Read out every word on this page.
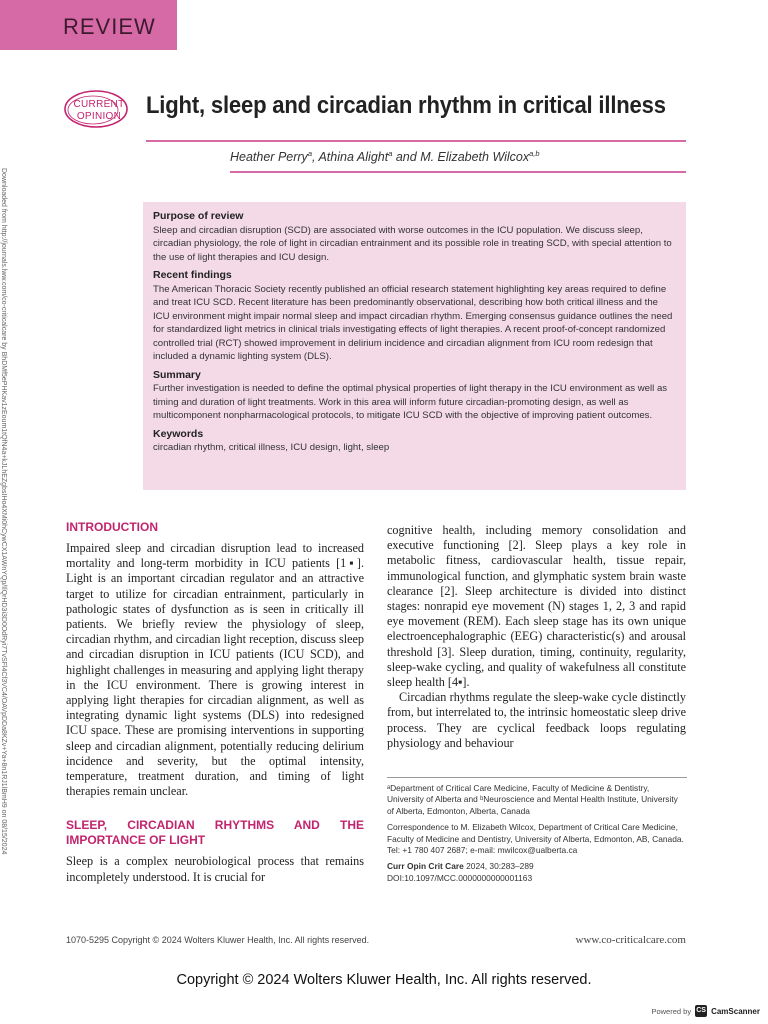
REVIEW
CURRENT
OPINION Light, sleep and circadian rhythm in critical illness
Heather Perry$^a$, Athina Alight$^a$ and M. Elizabeth Wilcox$^{a,b}$
Downloaded from http://journals.lww.com/co-criticalcare by BhDMf5ePHKav1zEoum1tQfN4a+kJLhEZgbsIHo4XMi0hCywCX1AWnYQp/IlQrHD3i3D0OdRyi7TvSFl4Cf3VC4/OAVpDDa8KZv+Ya+8n1RJ1lBmH9 on 08/15/2024	Purpose of review
Sleep and circadian disruption (SCD) are associated with worse outcomes in the ICU population. We discuss sleep, circadian physiology, the role of light in circadian entrainment and its possible role in treating SCD, with special attention to the use of light therapies and ICU design.
Recent findings
The American Thoracic Society recently published an official research statement highlighting key areas required to define and treat ICU SCD. Recent literature has been predominantly observational, describing how both critical illness and the ICU environment might impair normal sleep and impact circadian rhythm. Emerging consensus guidance outlines the need for standardized light metrics in clinical trials investigating effects of light therapies. A recent proof-of-concept randomized controlled trial (RCT) showed improvement in delirium incidence and circadian alignment from ICU room redesign that included a dynamic lighting system (DLS).
Summary
Further investigation is needed to define the optimal physical properties of light therapy in the ICU environment as well as timing and duration of light treatments. Work in this area will inform future circadian-promoting design, as well as multicomponent nonpharmacological protocols, to mitigate ICU SCD with the objective of improving patient outcomes.
Keywords
circadian rhythm, critical illness, ICU design, light, sleep
INTRODUCTION

Impaired sleep and circadian disruption lead to increased mortality and long-term morbidity in ICU patients [1▪]. Light is an important circadian regulator and an attractive target to utilize for circadian entrainment, particularly in pathologic states of dysfunction as is seen in critically ill patients. We briefly review the physiology of sleep, circadian rhythm, and circadian light reception, discuss sleep and circadian disruption in ICU patients (ICU SCD), and highlight challenges in measuring and applying light therapy in the ICU environment. There is growing interest in applying light therapies for circadian alignment, as well as integrating dynamic light systems (DLS) into redesigned ICU space. These are promising interventions in supporting sleep and circadian alignment, potentially reducing delirium incidence and severity, but the optimal intensity, temperature, treatment duration, and timing of light therapies remain unclear.

SLEEP, CIRCADIAN RHYTHMS AND THE IMPORTANCE OF LIGHT

Sleep is a complex neurobiological process that remains incompletely understood. It is crucial for

cognitive health, including memory consolidation and executive functioning [2]. Sleep plays a key role in metabolic fitness, cardiovascular health, tissue repair, immunological function, and glymphatic system brain waste clearance [2]. Sleep architecture is divided into distinct stages: nonrapid eye movement (N) stages 1, 2, 3 and rapid eye movement (REM). Each sleep stage has its own unique electroencephalographic (EEG) characteristic(s) and arousal threshold [3]. Sleep duration, timing, continuity, regularity, sleep-wake cycling, and quality of wakefulness all constitute sleep health [4▪].

Circadian rhythms regulate the sleep-wake cycle distinctly from, but interrelated to, the intrinsic homeostatic sleep drive process. They are cyclical feedback loops regulating physiology and behaviour

ᵃDepartment of Critical Care Medicine, Faculty of Medicine & Dentistry, University of Alberta and ᵇNeuroscience and Mental Health Institute, University of Alberta, Edmonton, Alberta, Canada

Correspondence to M. Elizabeth Wilcox, Department of Critical Care Medicine, Faculty of Medicine and Dentistry, University of Alberta, Edmonton, AB, Canada. Tel: +1 780 407 2687; e-mail: mwilcox@ualberta.ca

Curr Opin Crit Care 2024, 30:283–289
DOI:10.1097/MCC.0000000000001163
1070-5295 Copyright © 2024 Wolters Kluwer Health, Inc. All rights reserved.	www.co-criticalcare.com
Copyright © 2024 Wolters Kluwer Health, Inc. All rights reserved.
Powered by CS CamScanner
